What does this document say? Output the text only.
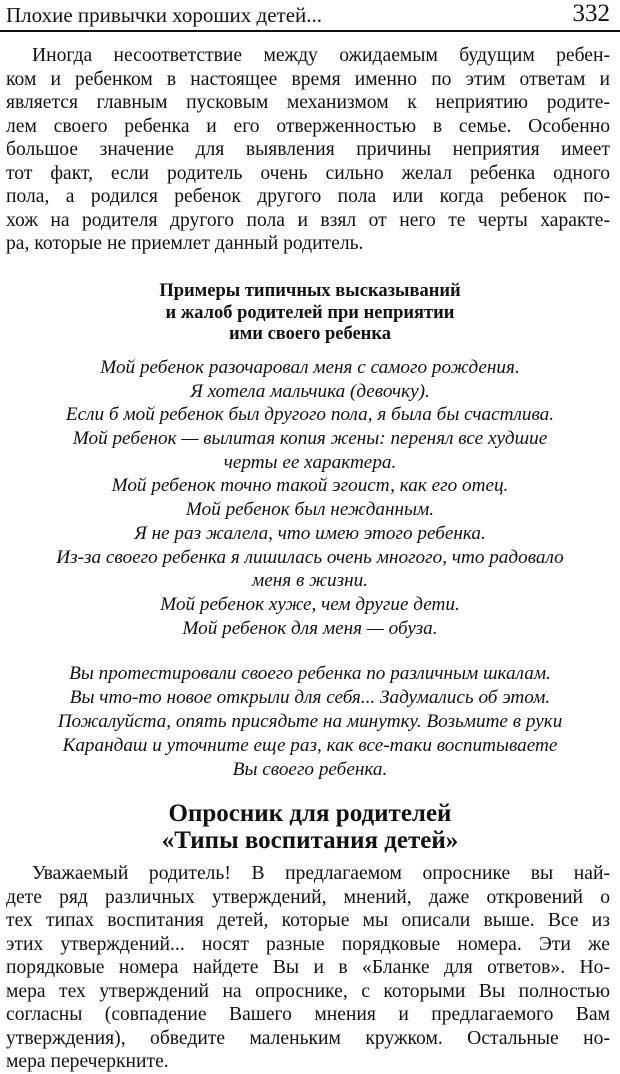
Плохие привычки хороших детей...	332
Иногда несоответствие между ожидаемым будущим ребен-
ком и ребенком в настоящее время именно по этим ответам и
является главным пусковым механизмом к неприятию родите-
лем своего ребенка и его отверженностью в семье. Особенно
большое значение для выявления причины неприятия имеет
тот факт, если родитель очень сильно желал ребенка одного
пола, а родился ребенок другого пола или когда ребенок по-
хож на родителя другого пола и взял от него те черты характе-
ра, которые не приемлет данный родитель.
Примеры типичных высказываний
и жалоб родителей при неприятии
ими своего ребенка
Мой ребенок разочаровал меня с самого рождения.
Я хотела мальчика (девочку).
Если б мой ребенок был другого пола, я была бы счастлива.
Мой ребенок — вылитая копия жены: перенял все худшие
черты ее характера.
Мой ребенок точно такой эгоист, как его отец.
Мой ребенок был нежданным.
Я не раз жалела, что имею этого ребенка.
Из-за своего ребенка я лишилась очень многого, что радовало
меня в жизни.
Мой ребенок хуже, чем другие дети.
Мой ребенок для меня — обуза.
Вы протестировали своего ребенка по различным шкалам.
Вы что-то новое открыли для себя... Задумались об этом.
Пожалуйста, опять присядьте на минутку. Возьмите в руки
Карандаш и уточните еще раз, как все-таки воспитываете
Вы своего ребенка.
Опросник для родителей
«Типы воспитания детей»
Уважаемый родитель! В предлагаемом опроснике вы най-
дете ряд различных утверждений, мнений, даже откровений о
тех типах воспитания детей, которые мы описали выше. Все из
этих утверждений... носят разные порядковые номера. Эти же
порядковые номера найдете Вы и в «Бланке для ответов». Но-
мера тех утверждений на опроснике, с которыми Вы полностью
согласны (совпадение Вашего мнения и предлагаемого Вам
утверждения), обведите маленьким кружком. Остальные но-
мера перечеркните.
